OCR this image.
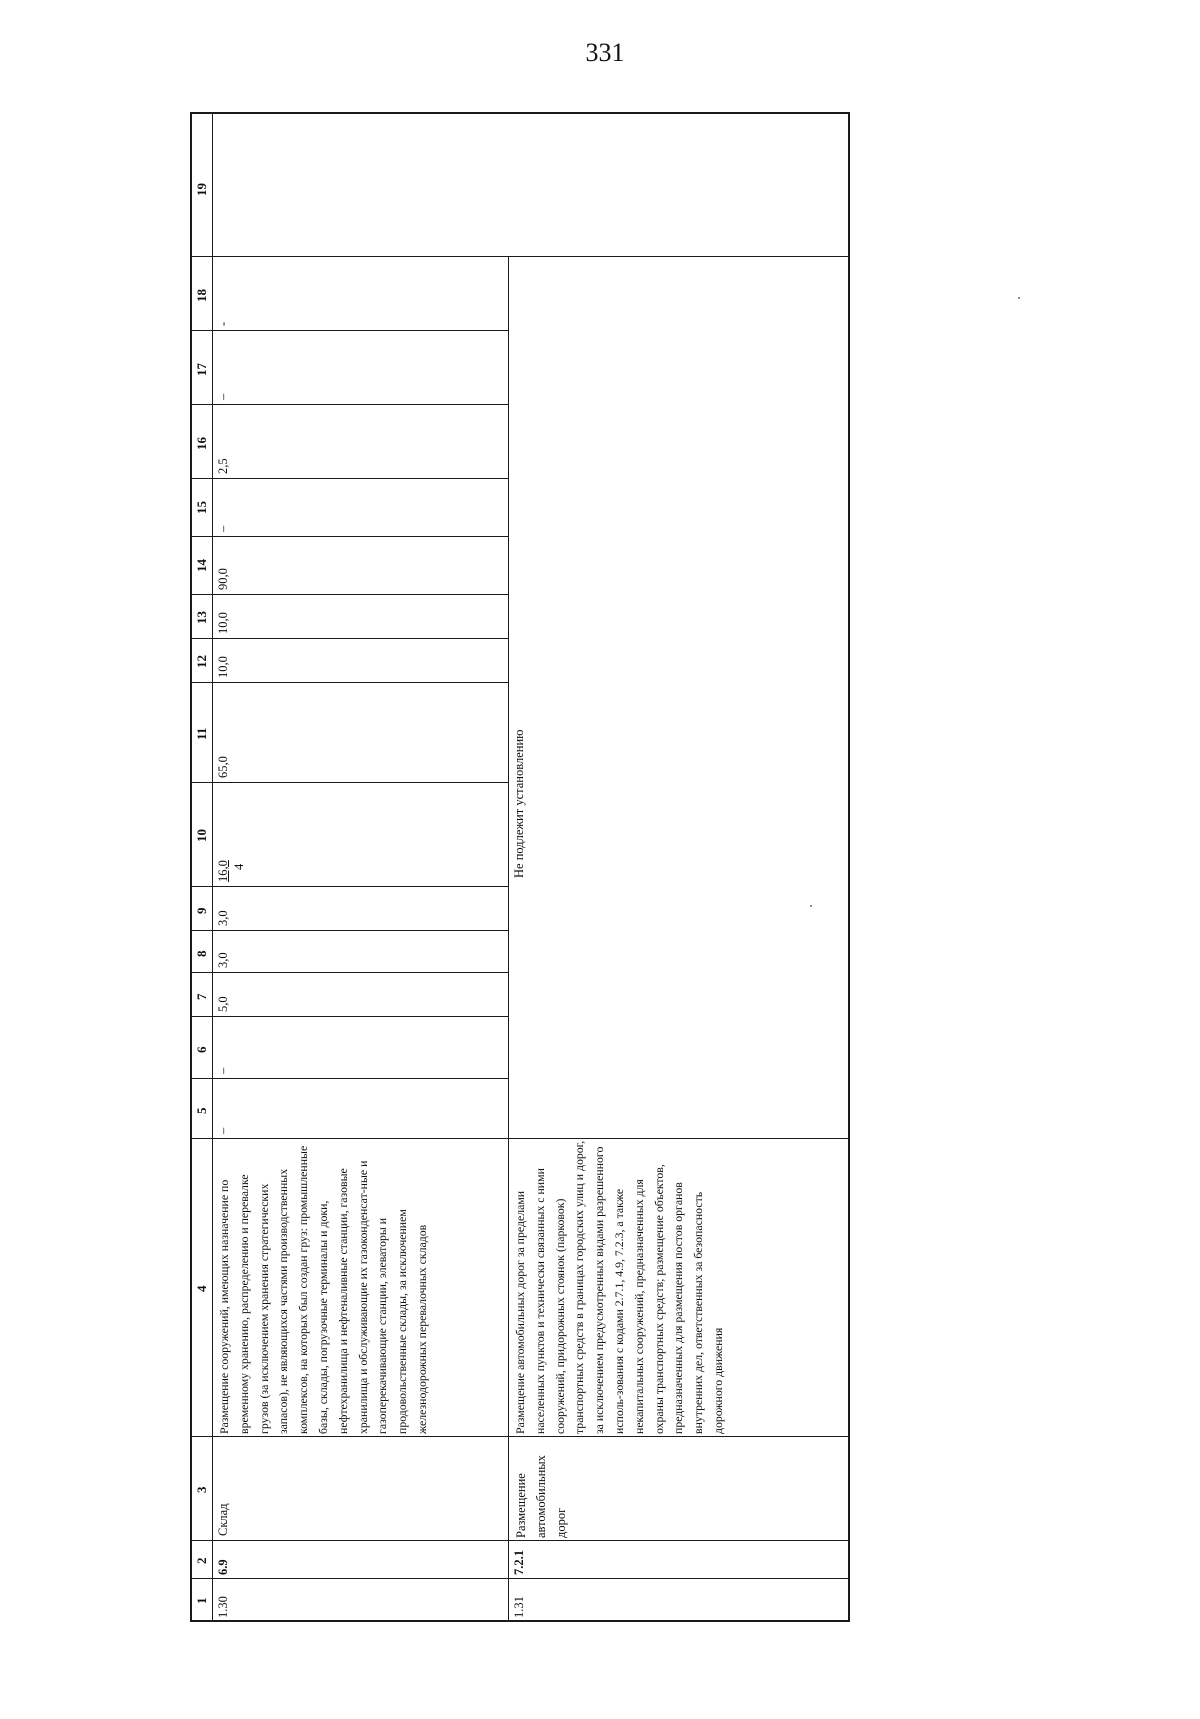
331
19
18
17
16
14
15
13
12
11
10
9
8
7
6
5
4
3
2
1 1.30
6.9
Склад
Размещение сооружений, имеющих назначение по временному хранению, распределению и перевалке грузов (за исключением хранения стратегических запасов), не являющихся частями производственных комплексов, на которых был создан груз: промышленные базы, склады, погрузочные терминалы и доки, нефтехранилища и нефтеналивные станции, газовые хранилища и обслуживающие их газоконденсат-ные и газоперекачивающие станции, элеваторы и продовольственные склады, за исключением железнодорожных перевалочных складов
–
–
5,0
3,0
3,0
16,0 4
65,0
10,0
10,0
90,0
–
2,5
–
-
1.31
7.2.1
Размещение автомобильных дорог
Размещение автомобильных дорог за пределами населенных пунктов и технически связанных с ними сооружений, придорожных стоянок (парковок) транспортных средств в границах городских улиц и дорог, за исключением предусмотренных видами разрешенного исполь-зования с кодами 2.7.1, 4.9, 7.2.3, а также некапитальных сооружений, предназначенных для охраны транспортных средств; размещение объектов, предназначенных для размещения постов органов внутренних дел, ответственных за безопасность дорожного движения
Не подлежит установлению
